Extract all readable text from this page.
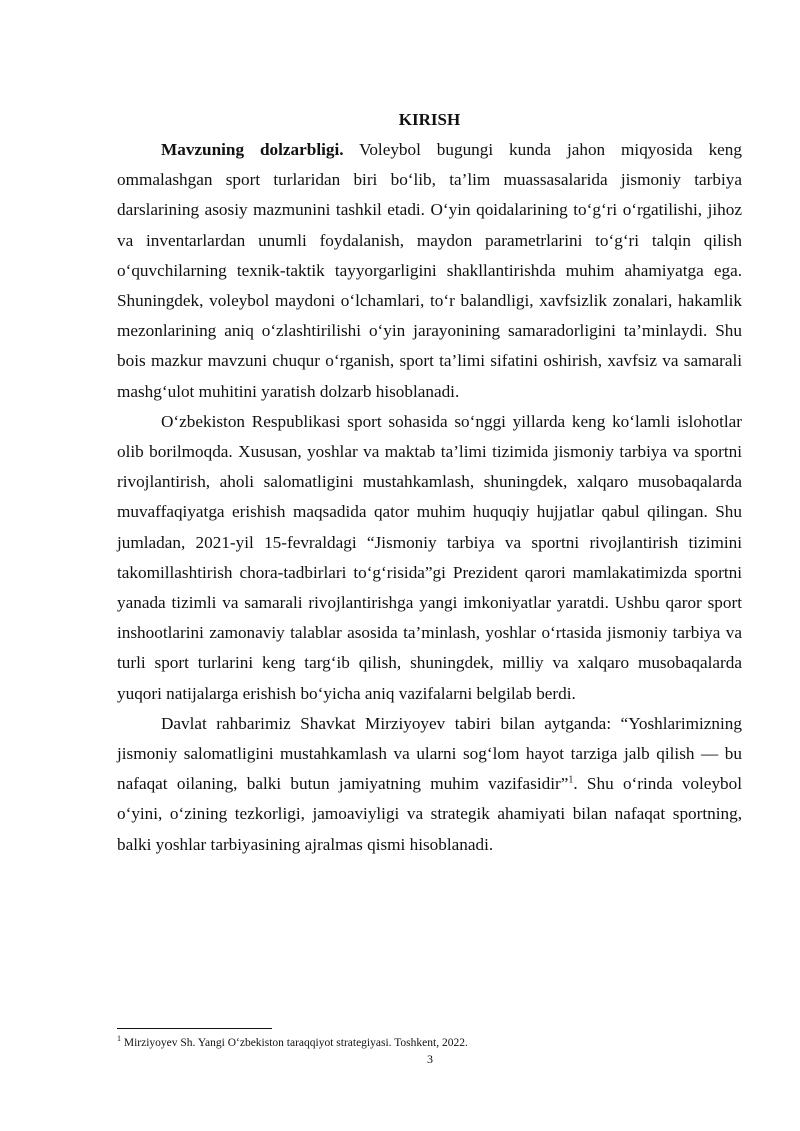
KIRISH

Mavzuning dolzarbligi. Voleybol bugungi kunda jahon miqyosida keng ommalashgan sport turlaridan biri bo‘lib, ta’lim muassasalarida jismoniy tarbiya darslarining asosiy mazmunini tashkil etadi. O‘yin qoidalarining to‘g‘ri o‘rgatilishi, jihoz va inventarlardan unumli foydalanish, maydon parametrlarini to‘g‘ri talqin qilish o‘quvchilarning texnik-taktik tayyorgarligini shakllantirishda muhim ahamiyatga ega. Shuningdek, voleybol maydoni o‘lchamlari, to‘r balandligi, xavfsizlik zonalari, hakamlik mezonlarining aniq o‘zlashtirilishi o‘yin jarayonining samaradorligini ta’minlaydi. Shu bois mazkur mavzuni chuqur o‘rganish, sport ta’limi sifatini oshirish, xavfsiz va samarali mashg‘ulot muhitini yaratish dolzarb hisoblanadi.

O‘zbekiston Respublikasi sport sohasida so‘nggi yillarda keng ko‘lamli islohotlar olib borilmoqda. Xususan, yoshlar va maktab ta’limi tizimida jismoniy tarbiya va sportni rivojlantirish, aholi salomatligini mustahkamlash, shuningdek, xalqaro musobaqalarda muvaffaqiyatga erishish maqsadida qator muhim huquqiy hujjatlar qabul qilingan. Shu jumladan, 2021-yil 15-fevraldagi “Jismoniy tarbiya va sportni rivojlantirish tizimini takomillashtirish chora-tadbirlari to‘g‘risida”gi Prezident qarori mamlakatimizda sportni yanada tizimli va samarali rivojlantirishga yangi imkoniyatlar yaratdi. Ushbu qaror sport inshootlarini zamonaviy talablar asosida ta’minlash, yoshlar o‘rtasida jismoniy tarbiya va turli sport turlarini keng targ‘ib qilish, shuningdek, milliy va xalqaro musobaqalarda yuqori natijalarga erishish bo‘yicha aniq vazifalarni belgilab berdi.

Davlat rahbarimiz Shavkat Mirziyoyev tabiri bilan aytganda: “Yoshlarimizning jismoniy salomatligini mustahkamlash va ularni sog‘lom hayot tarziga jalb qilish — bu nafaqat oilaning, balki butun jamiyatning muhim vazifasidir”$^1$. Shu o‘rinda voleybol o‘yini, o‘zining tezkorligi, jamoaviyligi va strategik ahamiyati bilan nafaqat sportning, balki yoshlar tarbiyasining ajralmas qismi hisoblanadi.

$^1$ Mirziyoyev Sh. Yangi O‘zbekiston taraqqiyot strategiyasi. Toshkent, 2022.
3
